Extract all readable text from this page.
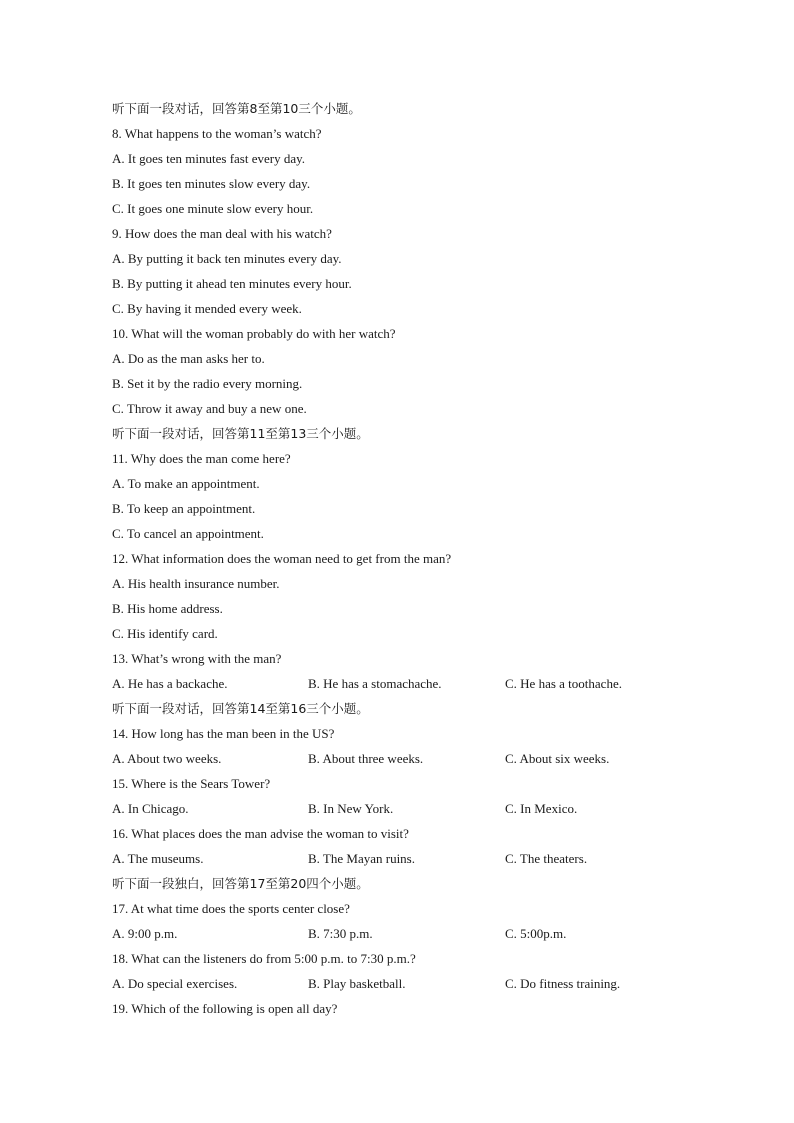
听下面一段对话，回答第8至第10三个小题。
8. What happens to the woman’s watch?
A. It goes ten minutes fast every day.
B. It goes ten minutes slow every day.
C. It goes one minute slow every hour.
9. How does the man deal with his watch?
A. By putting it back ten minutes every day.
B. By putting it ahead ten minutes every hour.
C. By having it mended every week.
10. What will the woman probably do with her watch?
A. Do as the man asks her to.
B. Set it by the radio every morning.
C. Throw it away and buy a new one.
听下面一段对话，回答第11至第13三个小题。
11. Why does the man come here?
A. To make an appointment.
B. To keep an appointment.
C. To cancel an appointment.
12. What information does the woman need to get from the man?
A. His health insurance number.
B. His home address.
C. His identify card.
13. What’s wrong with the man?
A. He has a backache.	B. He has a stomachache.	C. He has a toothache.
听下面一段对话，回答第14至第16三个小题。
14. How long has the man been in the US?
A. About two weeks.	B. About three weeks.	C. About six weeks.
15. Where is the Sears Tower?
A. In Chicago.	B. In New York.	C. In Mexico.
16. What places does the man advise the woman to visit?
A. The museums.	B. The Mayan ruins.	C. The theaters.
听下面一段独白，回答第17至第20四个小题。
17. At what time does the sports center close?
A. 9:00 p.m.	B. 7:30 p.m.	C. 5:00p.m.
18. What can the listeners do from 5:00 p.m. to 7:30 p.m.?
A. Do special exercises.	B. Play basketball.	C. Do fitness training.
19. Which of the following is open all day?
